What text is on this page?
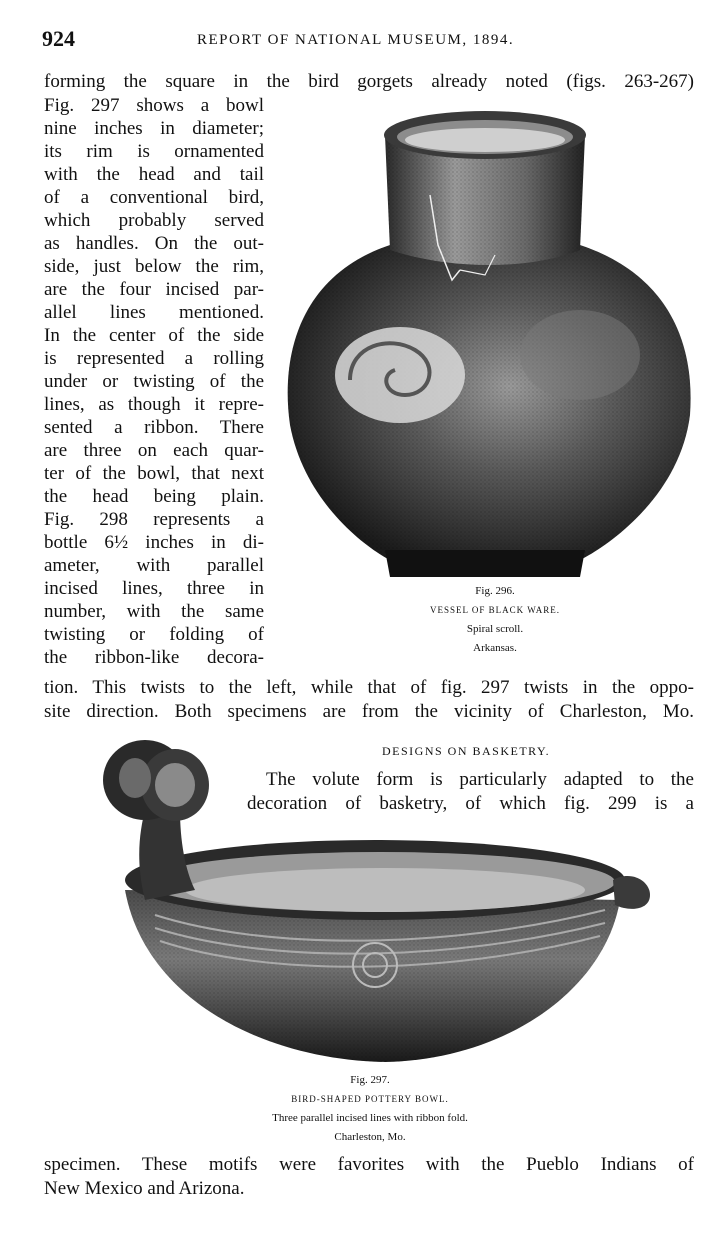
924	REPORT OF NATIONAL MUSEUM, 1894.
forming the square in the bird gorgets already noted (figs. 263-267)
Fig. 297 shows a bowl
nine inches in diameter;
its rim is ornamented
with the head and tail
of a conventional bird,
which probably served
as handles. On the out-
side, just below the rim,
are the four incised par-
allel lines mentioned.
In the center of the side
is represented a rolling
under or twisting of the
lines, as though it repre-
sented a ribbon. There
are three on each quar-
ter of the bowl, that next
the head being plain.
Fig. 298 represents a
bottle 6½ inches in di-
ameter, with parallel
incised lines, three in
number, with the same
twisting or folding of
the ribbon-like decora-
Fig. 296.
VESSEL OF BLACK WARE.
Spiral scroll.
Arkansas.
tion. This twists to the left, while that of fig. 297 twists in the oppo-
site direction. Both specimens are from the vicinity of Charleston, Mo.
DESIGNS ON BASKETRY.
The volute form is particularly adapted to the
decoration of basketry, of which fig. 299 is a
Fig. 297.
BIRD-SHAPED POTTERY BOWL.
Three parallel incised lines with ribbon fold.
Charleston, Mo.
specimen. These motifs were favorites with the Pueblo Indians of
New Mexico and Arizona.
